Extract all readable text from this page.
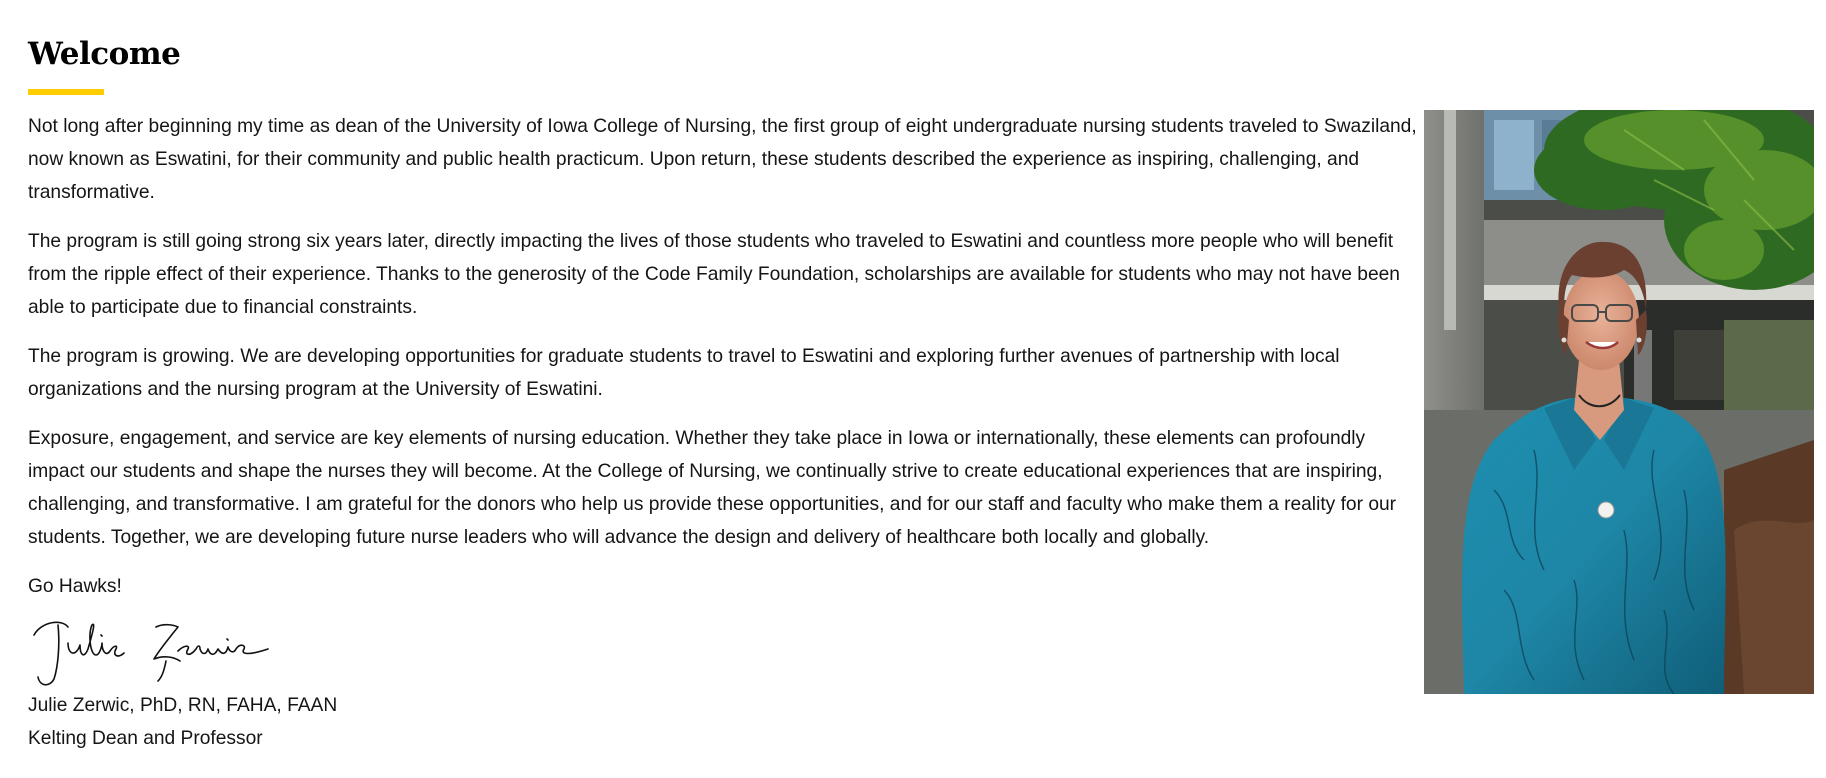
Welcome

Not long after beginning my time as dean of the University of Iowa College of Nursing, the first group of eight undergraduate nursing students traveled to Swaziland, now known as Eswatini, for their community and public health practicum. Upon return, these students described the experience as inspiring, challenging, and transformative.

The program is still going strong six years later, directly impacting the lives of those students who traveled to Eswatini and countless more people who will benefit from the ripple effect of their experience. Thanks to the generosity of the Code Family Foundation, scholarships are available for students who may not have been able to participate due to financial constraints.

The program is growing. We are developing opportunities for graduate students to travel to Eswatini and exploring further avenues of partnership with local organizations and the nursing program at the University of Eswatini.

Exposure, engagement, and service are key elements of nursing education. Whether they take place in Iowa or internationally, these elements can profoundly impact our students and shape the nurses they will become. At the College of Nursing, we continually strive to create educational experiences that are inspiring, challenging, and transformative. I am grateful for the donors who help us provide these opportunities, and for our staff and faculty who make them a reality for our students. Together, we are developing future nurse leaders who will advance the design and delivery of healthcare both locally and globally.

Go Hawks!

Julie Zerwic, PhD, RN, FAHA, FAAN

Kelting Dean and Professor
